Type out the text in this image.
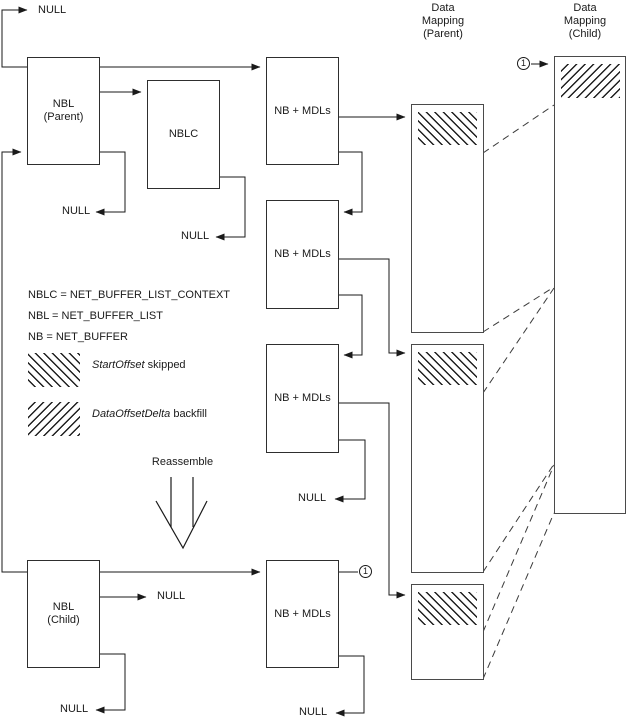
Data
Mapping
(Parent)
Data
Mapping
(Child)
NBL
(Parent)
NBLC
NB + MDLs
NB + MDLs
NB + MDLs
NB + MDLs
NBL
(Child)
1
1
NBLC = NET_BUFFER_LIST_CONTEXT
NBL = NET_BUFFER_LIST
NB = NET_BUFFER
StartOffset skipped
DataOffsetDelta backfill
Reassemble
NULL
NULL
NULL
NULL
NULL
NULL	NULL
